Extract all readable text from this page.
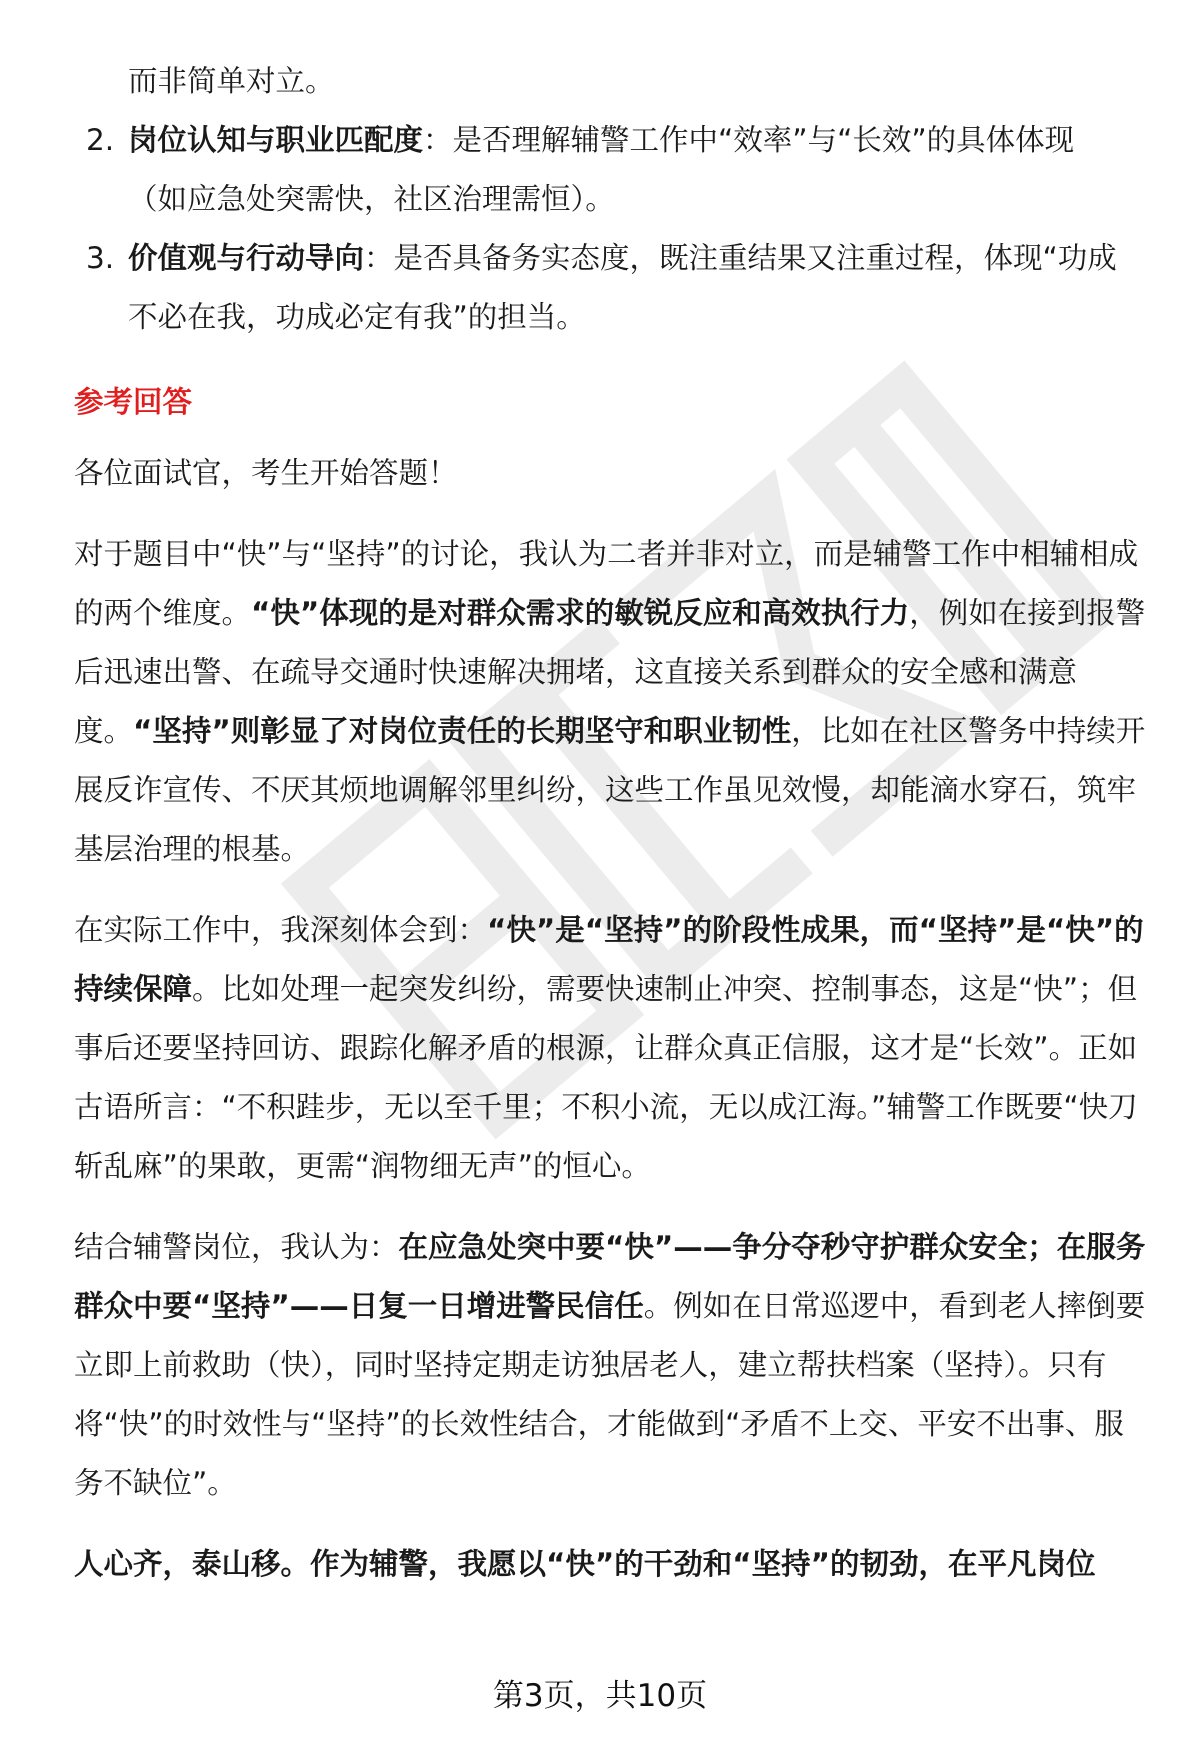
而非简单对立。

2. 岗位认知与职业匹配度：是否理解辅警工作中“效率”与“长效”的具体体现
（如应急处突需快，社区治理需恒）。
3. 价值观与行动导向：是否具备务实态度，既注重结果又注重过程，体现“功成
不必在我，功成必定有我”的担当。

参考回答

各位面试官，考生开始答题！

对于题目中“快”与“坚持”的讨论，我认为二者并非对立，而是辅警工作中相辅相成的两个维度。“快”体现的是对群众需求的敏锐反应和高效执行力，例如在接到报警后迅速出警、在疏导交通时快速解决拥堵，这直接关系到群众的安全感和满意度。“坚持”则彰显了对岗位责任的长期坚守和职业韧性，比如在社区警务中持续开展反诈宣传、不厌其烦地调解邻里纠纷，这些工作虽见效慢，却能滴水穿石，筑牢基层治理的根基。

在实际工作中，我深刻体会到：“快”是“坚持”的阶段性成果，而“坚持”是“快”的持续保障。比如处理一起突发纠纷，需要快速制止冲突、控制事态，这是“快”；但事后还要坚持回访、跟踪化解矛盾的根源，让群众真正信服，这才是“长效”。正如古语所言：“不积跬步，无以至千里；不积小流，无以成江海。”辅警工作既要“快刀斩乱麻”的果敢，更需“润物细无声”的恒心。

结合辅警岗位，我认为：在应急处突中要“快”——争分夺秒守护群众安全；在服务群众中要“坚持”——日复一日增进警民信任。例如在日常巡逻中，看到老人摔倒要立即上前救助（快），同时坚持定期走访独居老人，建立帮扶档案（坚持）。只有将“快”的时效性与“坚持”的长效性结合，才能做到“矛盾不上交、平安不出事、服务不缺位”。

人心齐，泰山移。作为辅警，我愿以“快”的干劲和“坚持”的韧劲，在平凡岗位

第3页，共10页
